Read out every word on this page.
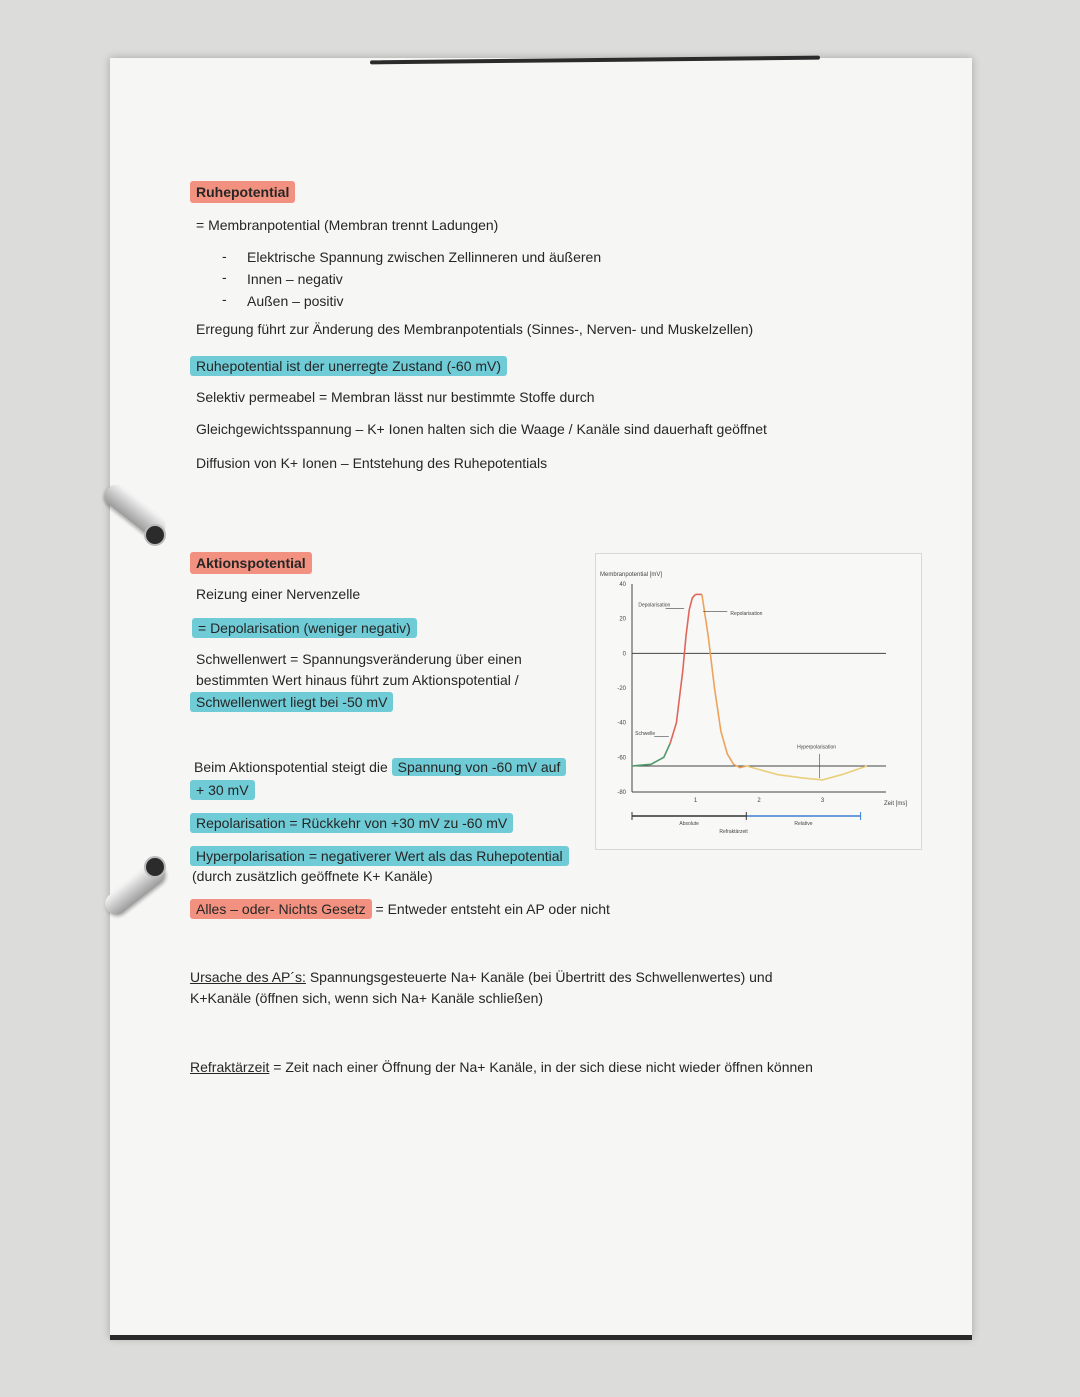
Ruhepotential
= Membranpotential (Membran trennt Ladungen)
- Elektrische Spannung zwischen Zellinneren und äußeren
- Innen – negativ
- Außen – positiv
Erregung führt zur Änderung des Membranpotentials (Sinnes-, Nerven- und Muskelzellen)
Ruhepotential ist der unerregte Zustand (-60 mV)
Selektiv permeabel = Membran lässt nur bestimmte Stoffe durch
Gleichgewichtsspannung – K+ Ionen halten sich die Waage / Kanäle sind dauerhaft geöffnet
Diffusion von K+ Ionen – Entstehung des Ruhepotentials
Aktionspotential
Reizung einer Nervenzelle
= Depolarisation (weniger negativ)
Schwellenwert = Spannungsveränderung über einen
bestimmten Wert hinaus führt zum Aktionspotential /
Schwellenwert liegt bei -50 mV
Beim Aktionspotential steigt die Spannung von -60 mV auf
+ 30 mV
Repolarisation = Rückkehr von +30 mV zu -60 mV
Hyperpolarisation = negativerer Wert als das Ruhepotential
(durch zusätzlich geöffnete K+ Kanäle)
Alles – oder- Nichts Gesetz = Entweder entsteht ein AP oder nicht
Ursache des AP´s: Spannungsgesteuerte Na+ Kanäle (bei Übertritt des Schwellenwertes) und
K+Kanäle (öffnen sich, wenn sich Na+ Kanäle schließen)
Refraktärzeit = Zeit nach einer Öffnung der Na+ Kanäle, in der sich diese nicht wieder öffnen können
Membranpotential [mV]
Zeit [ms]
40
20
0
-20
-40
-60
-80
1	2	3
Depolarisation
Repolarisation
Schwelle
Hyperpolarisation
Absolute	Relative
Refraktärzeit
